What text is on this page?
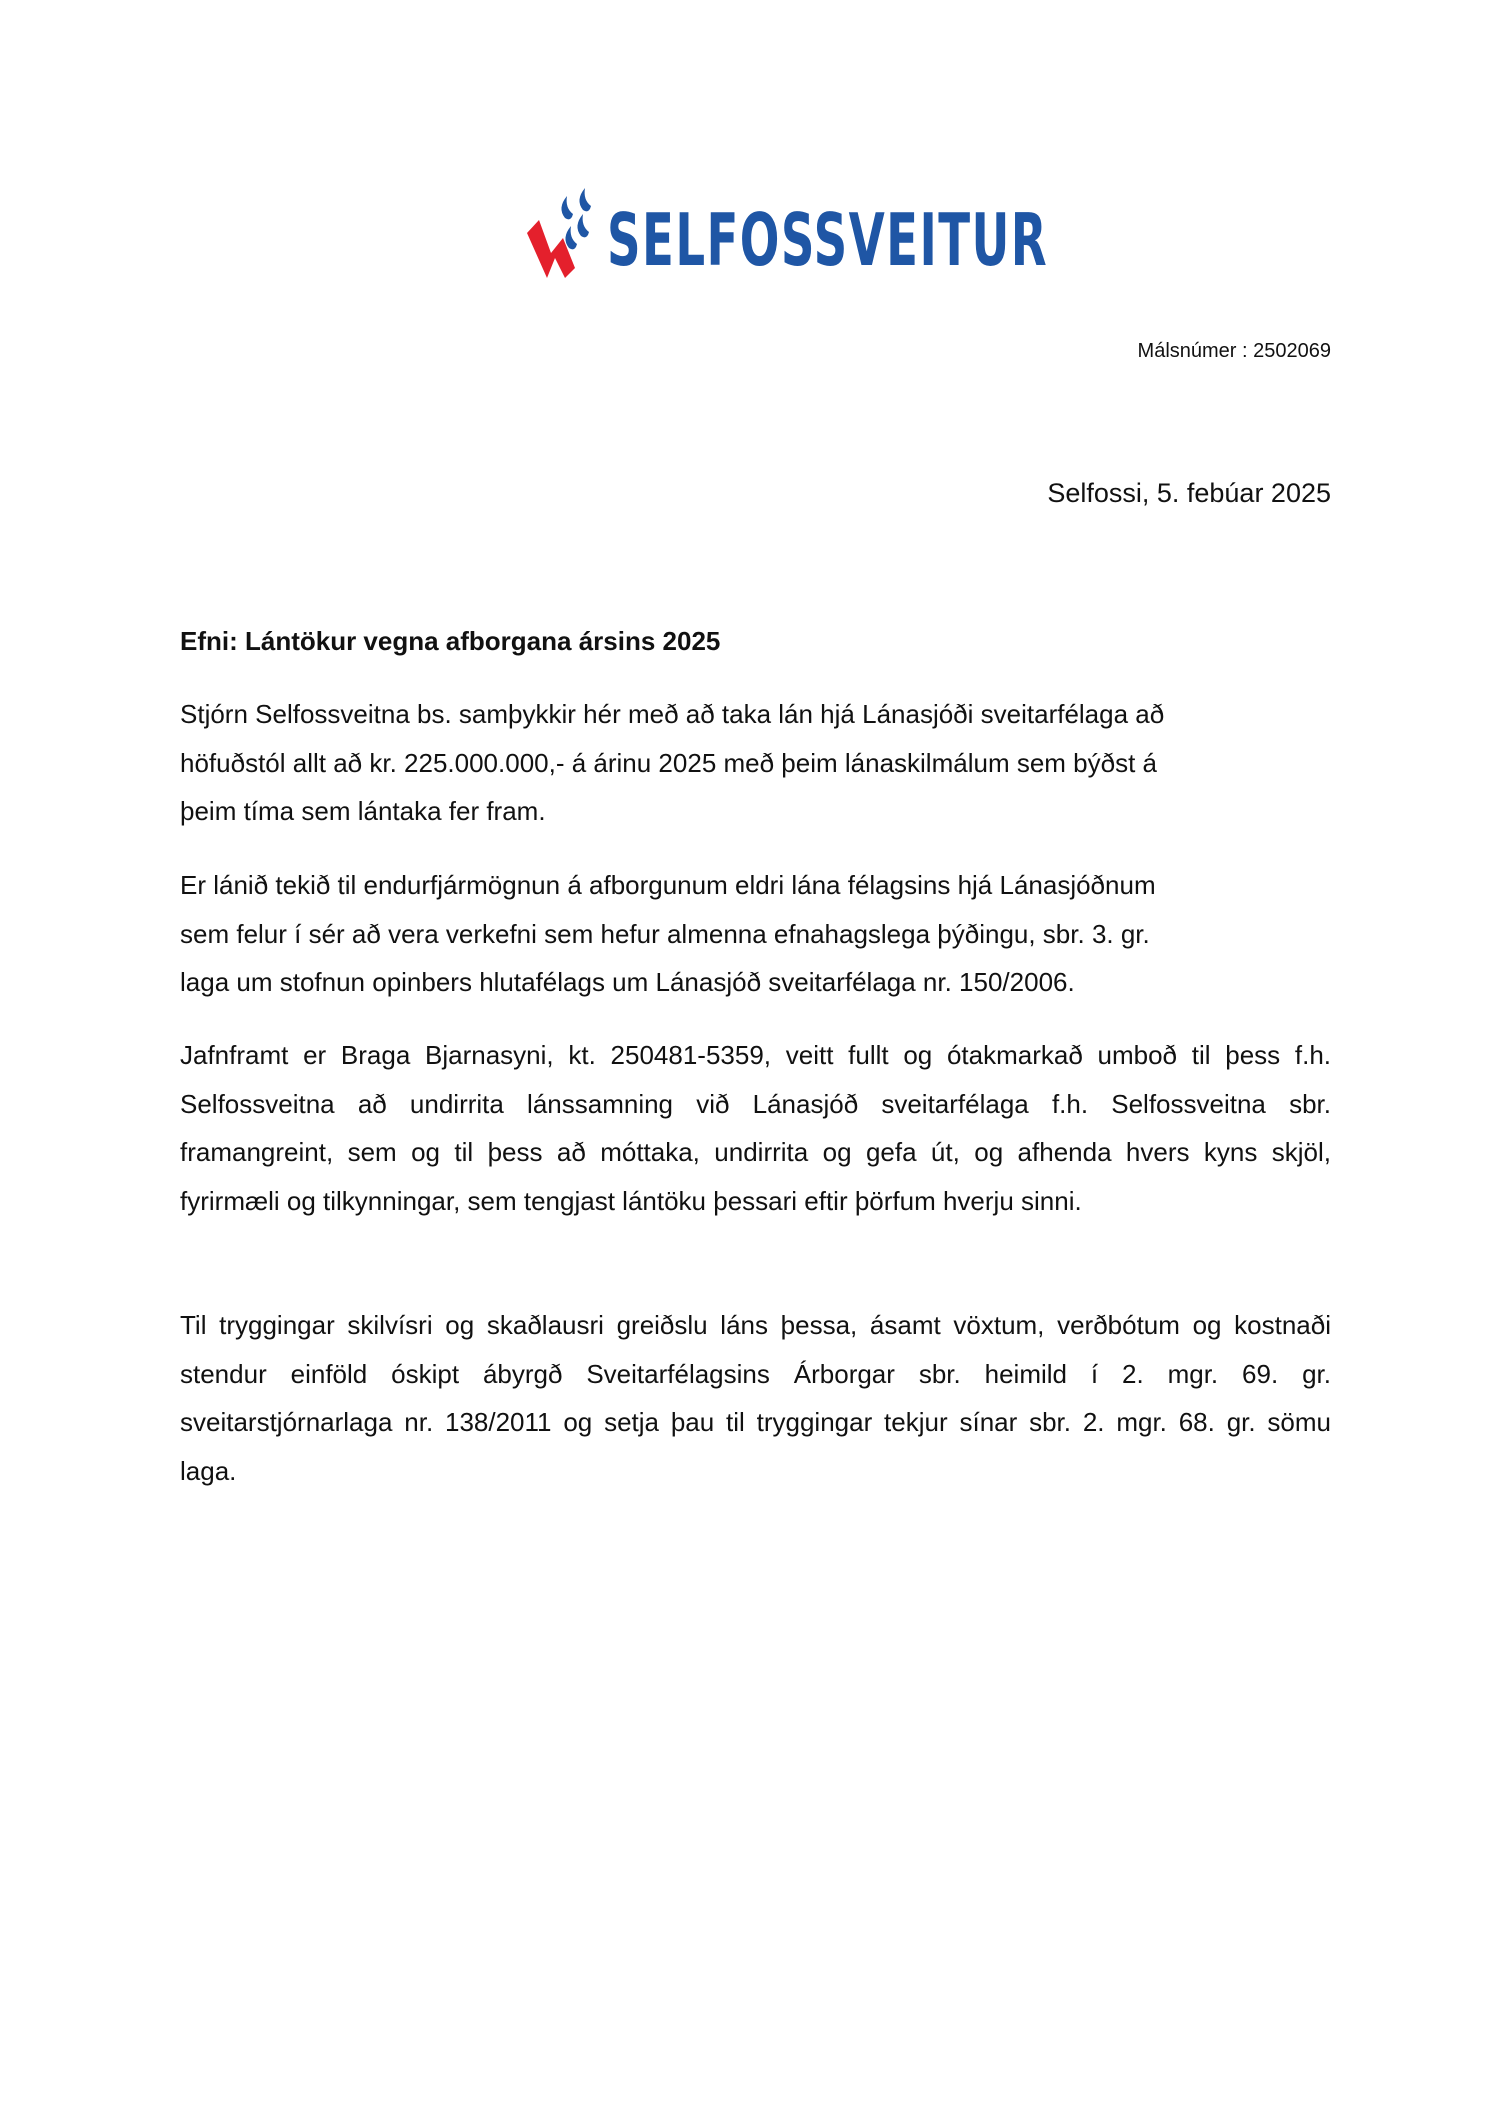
SELFOSSVEITUR
Málsnúmer : 2502069
Selfossi, 5. febúar 2025
Efni: Lántökur vegna afborgana ársins 2025
Stjórn Selfossveitna bs. samþykkir hér með að taka lán hjá Lánasjóði sveitarfélaga að
höfuðstól allt að kr. 225.000.000,- á árinu 2025 með þeim lánaskilmálum sem býðst á
þeim tíma sem lántaka fer fram.
Er lánið tekið til endurfjármögnun á afborgunum eldri lána félagsins hjá Lánasjóðnum
sem felur í sér að vera verkefni sem hefur almenna efnahagslega þýðingu, sbr. 3. gr.
laga um stofnun opinbers hlutafélags um Lánasjóð sveitarfélaga nr. 150/2006.
Jafnframt er Braga Bjarnasyni, kt. 250481-5359, veitt fullt og ótakmarkað umboð til þess f.h.
Selfossveitna að undirrita lánssamning við Lánasjóð sveitarfélaga f.h. Selfossveitna sbr.
framangreint, sem og til þess að móttaka, undirrita og gefa út, og afhenda hvers kyns skjöl,
fyrirmæli og tilkynningar, sem tengjast lántöku þessari eftir þörfum hverju sinni.
Til tryggingar skilvísri og skaðlausri greiðslu láns þessa, ásamt vöxtum, verðbótum og kostnaði
stendur einföld óskipt ábyrgð Sveitarfélagsins Árborgar sbr. heimild í 2. mgr. 69. gr.
sveitarstjórnarlaga nr. 138/2011 og setja þau til tryggingar tekjur sínar sbr. 2. mgr. 68. gr. sömu
laga.
